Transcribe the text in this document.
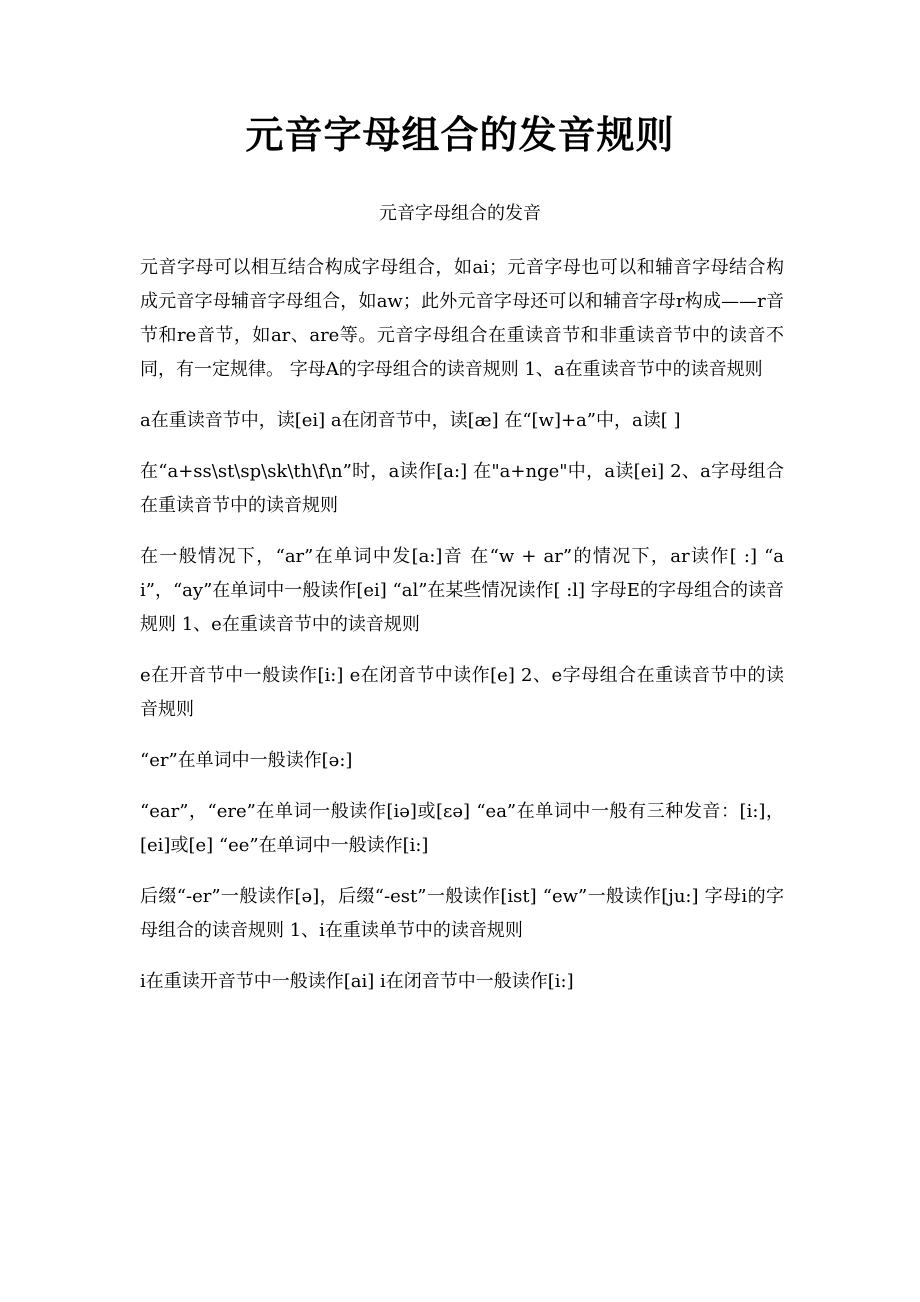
元音字母组合的发音规则

元音字母组合的发音

元音字母可以相互结合构成字母组合，如ai；元音字母也可以和辅音字母结合构成元音字母辅音字母组合，如aw；此外元音字母还可以和辅音字母r构成——r音节和re音节，如ar、are等。元音字母组合在重读音节和非重读音节中的读音不同，有一定规律。 字母A的字母组合的读音规则 1、a在重读音节中的读音规则

a在重读音节中，读[ei] a在闭音节中，读[æ] 在“[w]+a”中，a读[ ]

在“a+ss\st\sp\sk\th\f\n”时，a读作[a:] 在"a+nge"中，a读[ei] 2、a字母组合在重读音节中的读音规则

在一般情况下，“ar”在单词中发[a:]音 在“w + ar”的情况下，ar读作[ :] “ai”，“ay”在单词中一般读作[ei] “al”在某些情况读作[ :l] 字母E的字母组合的读音规则 1、e在重读音节中的读音规则

e在开音节中一般读作[i:] e在闭音节中读作[e] 2、e字母组合在重读音节中的读音规则

“er”在单词中一般读作[ə:]

“ear”，“ere”在单词一般读作[iə]或[ɛə] “ea”在单词中一般有三种发音：[i:]，[ei]或[e] “ee”在单词中一般读作[i:]

后缀“-er”一般读作[ə]，后缀“-est”一般读作[ist] “ew”一般读作[ju:] 字母i的字母组合的读音规则 1、i在重读单节中的读音规则

i在重读开音节中一般读作[ai] i在闭音节中一般读作[i:]
